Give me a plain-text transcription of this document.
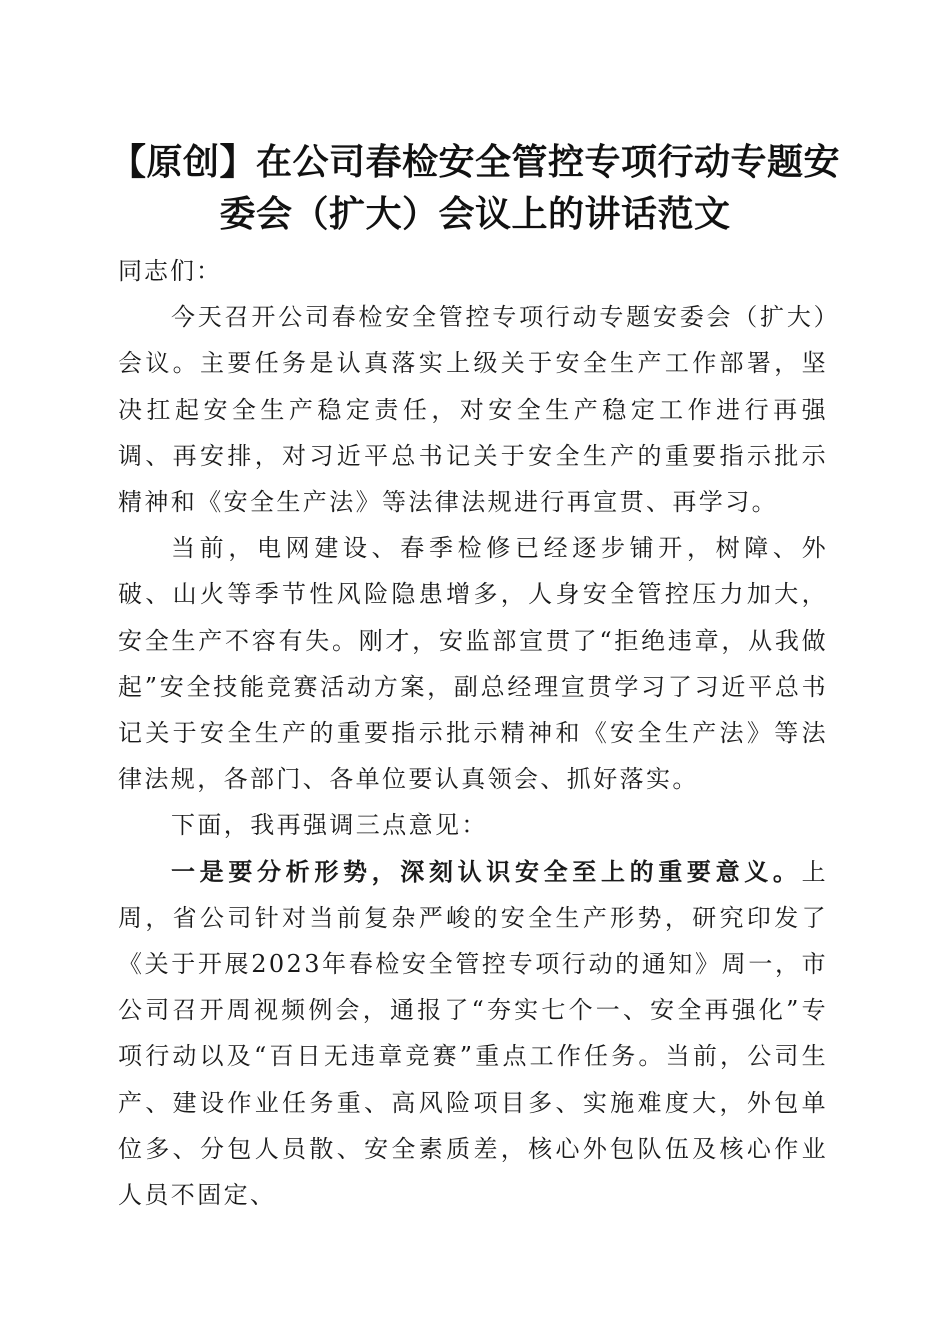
【原创】在公司春检安全管控专项行动专题安委会（扩大）会议上的讲话范文

同志们：

今天召开公司春检安全管控专项行动专题安委会（扩大）会议。主要任务是认真落实上级关于安全生产工作部署，坚决扛起安全生产稳定责任，对安全生产稳定工作进行再强调、再安排，对习近平总书记关于安全生产的重要指示批示精神和《安全生产法》等法律法规进行再宣贯、再学习。

当前，电网建设、春季检修已经逐步铺开，树障、外破、山火等季节性风险隐患增多，人身安全管控压力加大，安全生产不容有失。刚才，安监部宣贯了“拒绝违章，从我做起”安全技能竞赛活动方案，副总经理宣贯学习了习近平总书记关于安全生产的重要指示批示精神和《安全生产法》等法律法规，各部门、各单位要认真领会、抓好落实。

下面，我再强调三点意见：

一是要分析形势，深刻认识安全至上的重要意义。上周，省公司针对当前复杂严峻的安全生产形势，研究印发了《关于开展2023年春检安全管控专项行动的通知》周一，市公司召开周视频例会，通报了“夯实七个一、安全再强化”专项行动以及“百日无违章竞赛”重点工作任务。当前，公司生产、建设作业任务重、高风险项目多、实施难度大，外包单位多、分包人员散、安全素质差，核心外包队伍及核心作业人员不固定、
